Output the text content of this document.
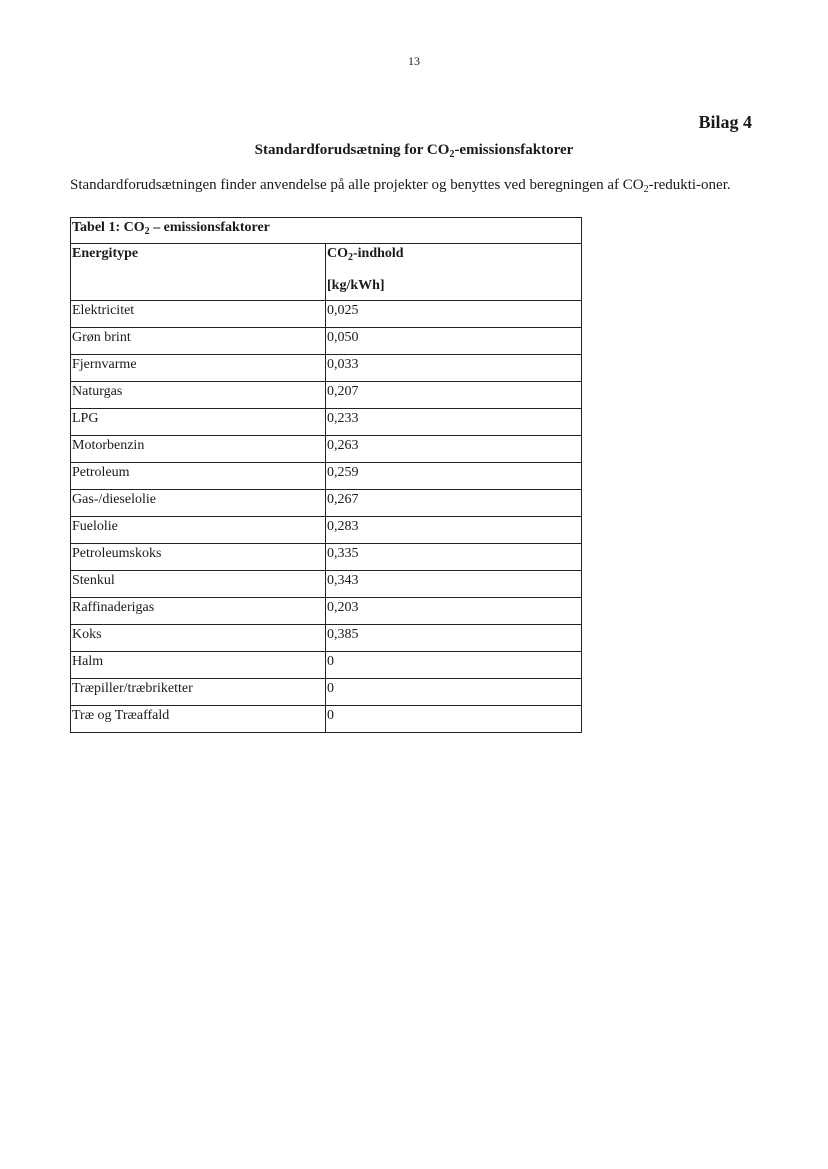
13
Bilag 4
Standardforudsætning for $CO_2$-emissionsfaktorer
Standardforudsætningen finder anvendelse på alle projekter og benyttes ved beregningen af $CO_2-redukti$-oner.
Tabel 1: $CO_2$ – emissionsfaktorer	
Energitype	$CO_2$-indhold
[kg/kWh]

Elektricitet	0,025
Grøn brint	0,050
Fjernvarme	0,033
Naturgas	0,207
LPG	0,233
Motorbenzin	0,263
Petroleum	0,259
Gas-/dieselolie	0,267
Fuelolie	0,283
Petroleumskoks	0,335
Stenkul	0,343
Raffinaderigas	0,203
Koks	0,385
Halm	0
Træpiller/træbriketter	0
Træ og Træaffald	0
